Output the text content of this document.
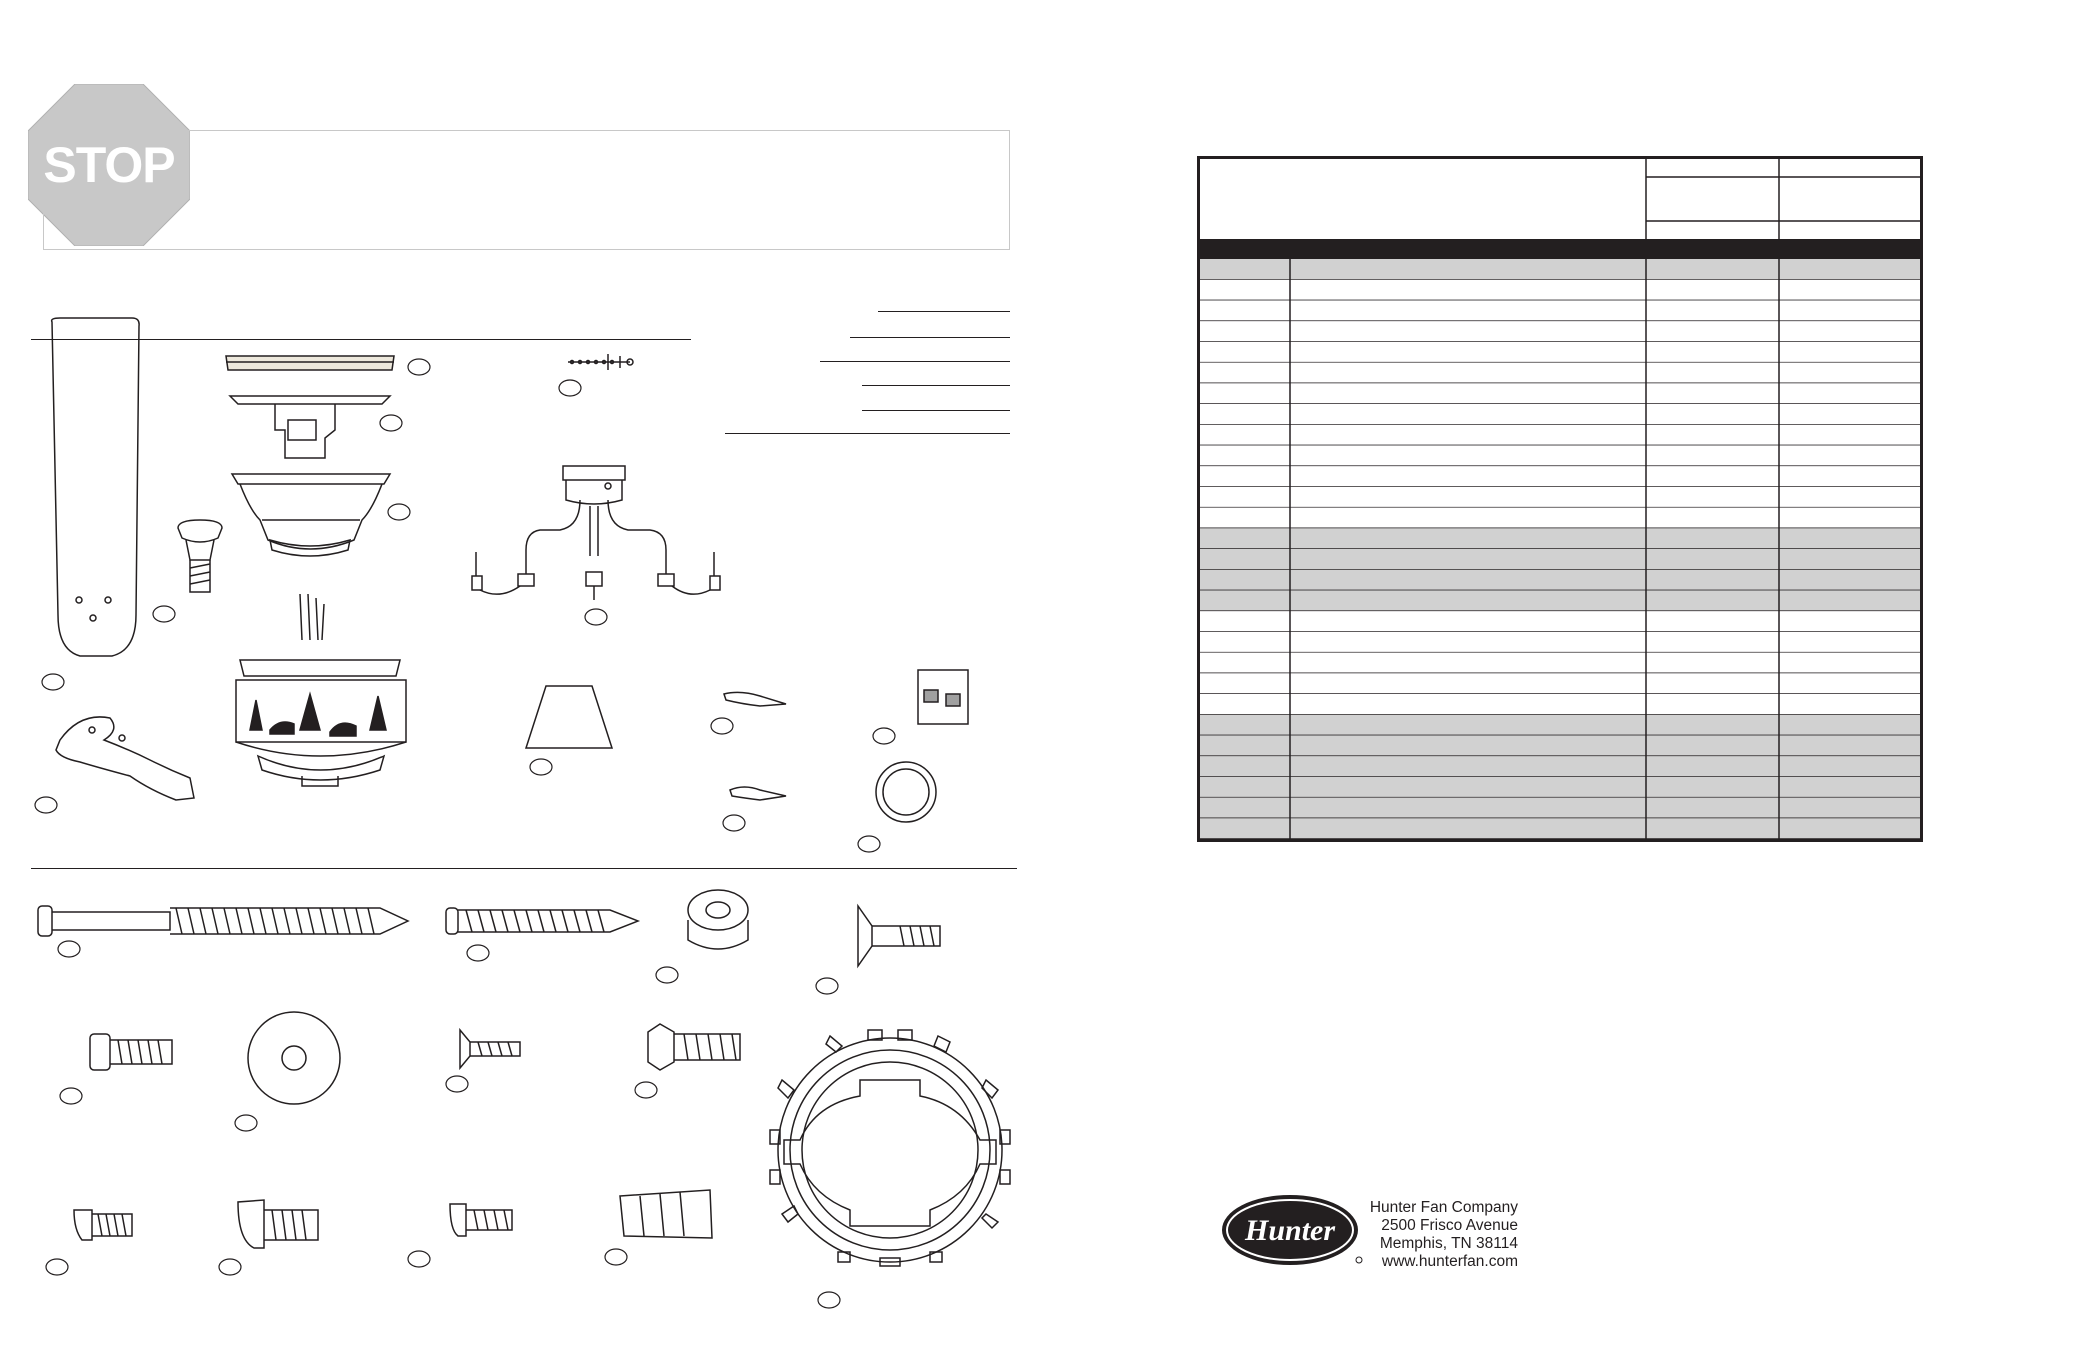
STOP
Hunter
Hunter Fan Company
2500 Frisco Avenue
Memphis, TN 38114
www.hunterfan.com
